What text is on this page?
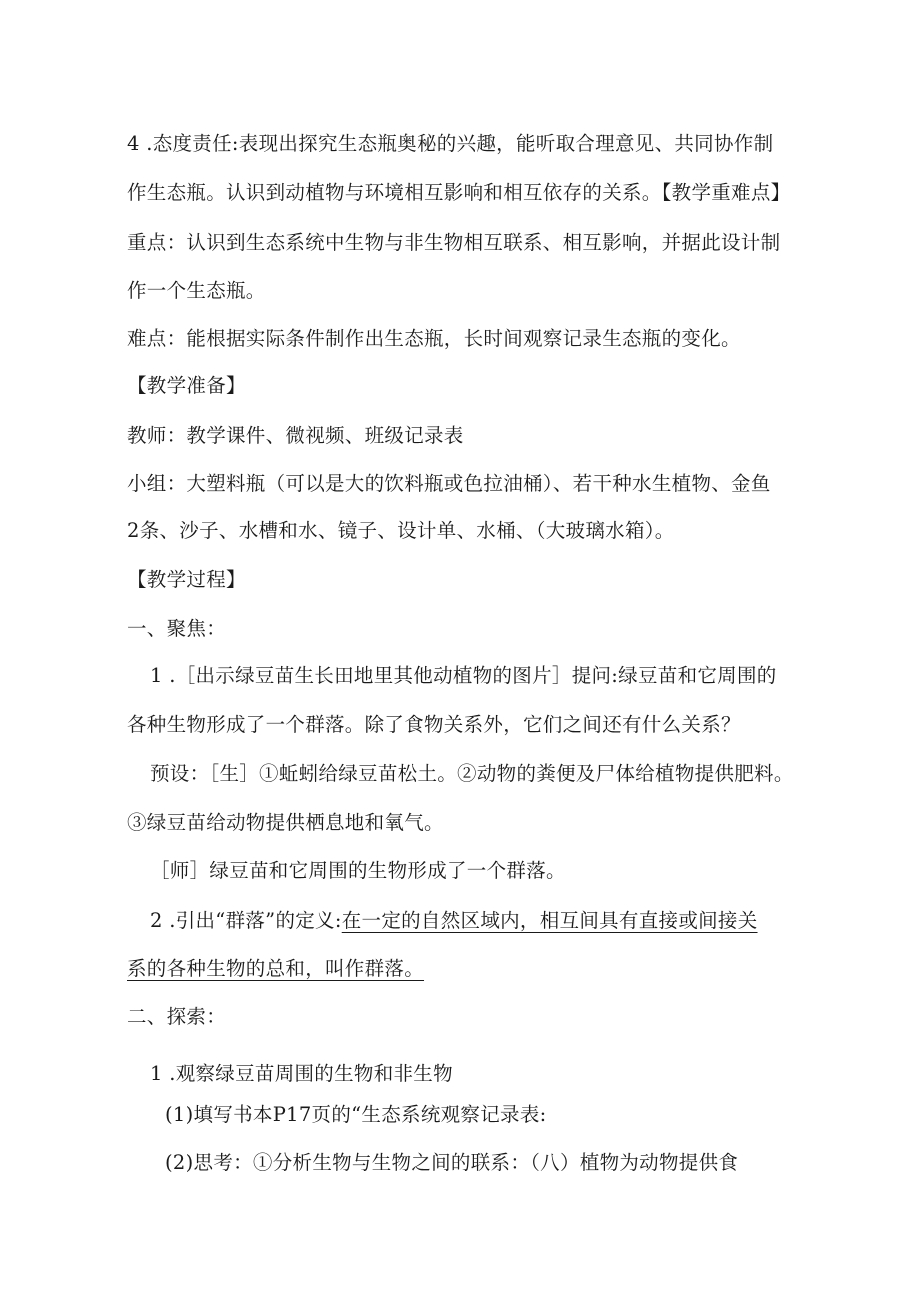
4 .态度责任:表现出探究生态瓶奥秘的兴趣，能听取合理意见、共同协作制
作生态瓶。认识到动植物与环境相互影响和相互依存的关系。【教学重难点】
重点：认识到生态系统中生物与非生物相互联系、相互影响，并据此设计制
作一个生态瓶。
难点：能根据实际条件制作出生态瓶，长时间观察记录生态瓶的变化。
【教学准备】
教师：教学课件、微视频、班级记录表
小组：大塑料瓶（可以是大的饮料瓶或色拉油桶）、若干种水生植物、金鱼
2条、沙子、水槽和水、镜子、设计单、水桶、（大玻璃水箱）。
【教学过程】
一、聚焦：
1 .［出示绿豆苗生长田地里其他动植物的图片］提问:绿豆苗和它周围的
各种生物形成了一个群落。除了食物关系外，它们之间还有什么关系？
预设：［生］①蚯蚓给绿豆苗松土。②动物的粪便及尸体给植物提供肥料。
③绿豆苗给动物提供栖息地和氧气。
［师］绿豆苗和它周围的生物形成了一个群落。
2 .引出“群落”的定义:在一定的自然区域内，相互间具有直接或间接关
系的各种生物的总和，叫作群落。
二、探索：
1 .观察绿豆苗周围的生物和非生物
(1)填写书本P17页的“生态系统观察记录表:
(2)思考：①分析生物与生物之间的联系：（八）植物为动物提供食
